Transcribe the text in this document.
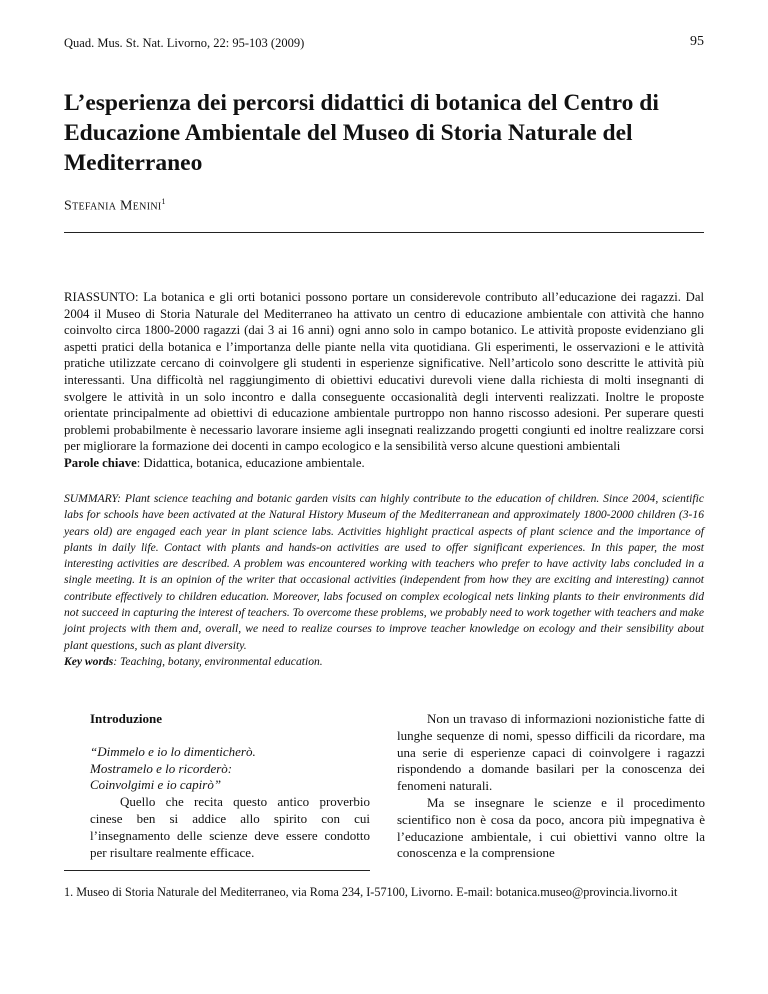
Quad. Mus. St. Nat. Livorno, 22: 95-103 (2009)	95
L’esperienza dei percorsi didattici di botanica del Centro di Educazione Ambientale del Museo di Storia Naturale del Mediterraneo
Stefania Menini$^1$

RIASSUNTO: La botanica e gli orti botanici possono portare un considerevole contributo all’educazione dei ragazzi. Dal 2004 il Museo di Storia Naturale del Mediterraneo ha attivato un centro di educazione ambientale con attività che hanno coinvolto circa 1800-2000 ragazzi (dai 3 ai 16 anni) ogni anno solo in campo botanico. Le attività proposte evidenziano gli aspetti pratici della botanica e l’importanza delle piante nella vita quotidiana. Gli esperimenti, le osservazioni e le attività pratiche utilizzate cercano di coinvolgere gli studenti in esperienze significative. Nell’articolo sono descritte le attività più interessanti. Una difficoltà nel raggiungimento di obiettivi educativi durevoli viene dalla richiesta di molti insegnanti di svolgere le attività in un solo incontro e dalla conseguente occasionalità degli interventi realizzati. Inoltre le proposte orientate principalmente ad obiettivi di educazione ambientale purtroppo non hanno riscosso adesioni. Per superare questi problemi probabilmente è necessario lavorare insieme agli insegnati realizzando progetti congiunti ed inoltre realizzare corsi per migliorare la formazione dei docenti in campo ecologico e la sensibilità verso alcune questioni ambientali

Parole chiave: Didattica, botanica, educazione ambientale.

SUMMARY: Plant science teaching and botanic garden visits can highly contribute to the education of children. Since 2004, scientific labs for schools have been activated at the Natural History Museum of the Mediterranean and approximately 1800-2000 children (3-16 years old) are engaged each year in plant science labs. Activities highlight practical aspects of plant science and the importance of plants in daily life. Contact with plants and hands-on activities are used to offer significant experiences. In this paper, the most interesting activities are described. A problem was encountered working with teachers who prefer to have activity labs concluded in a single meeting. It is an opinion of the writer that occasional activities (independent from how they are exciting and interesting) cannot contribute effectively to children education. Moreover, labs focused on complex ecological nets linking plants to their environments did not succeed in capturing the interest of teachers. To overcome these problems, we probably need to work together with teachers and make joint projects with them and, overall, we need to realize courses to improve teacher knowledge on ecology and their sensibility about plant questions, such as plant diversity.

Key words: Teaching, botany, environmental education.

Introduzione
“Dimmelo e io lo dimenticherò.
Mostramelo e lo ricorderò:
Coinvolgimi e io capirò”

Quello che recita questo antico proverbio cinese ben si addice allo spirito con cui l’insegnamento delle scienze deve essere condotto per risultare realmente efficace.

Non un travaso di informazioni nozionistiche fatte di lunghe sequenze di nomi, spesso difficili da ricordare, ma una serie di esperienze capaci di coinvolgere i ragazzi rispondendo a domande basilari per la conoscenza dei fenomeni naturali.

Ma se insegnare le scienze e il procedimento scientifico non è cosa da poco, ancora più impegnativa è l’educazione ambientale, i cui obiettivi vanno oltre la conoscenza e la comprensione

1. Museo di Storia Naturale del Mediterraneo, via Roma 234, I-57100, Livorno. E-mail: botanica.museo@provincia.livorno.it
